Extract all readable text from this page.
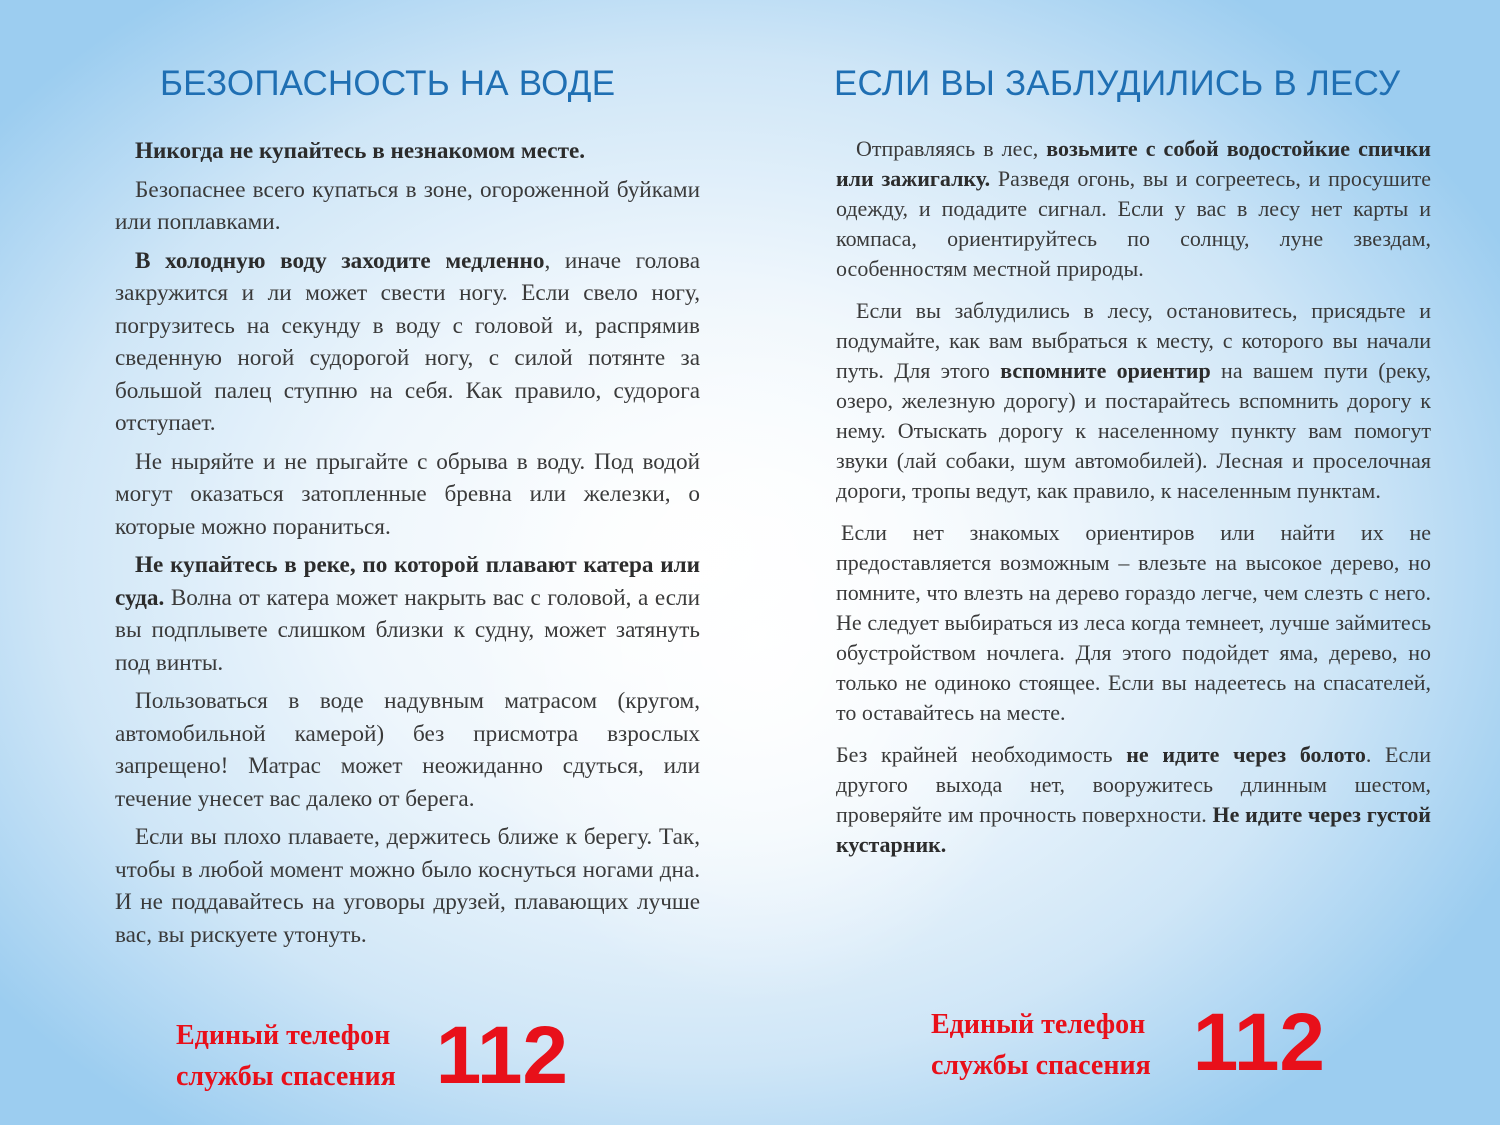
БЕЗОПАСНОСТЬ НА ВОДЕ

Никогда не купайтесь в незнакомом месте.

Безопаснее всего купаться в зоне, огороженной буйками или поплавками.

В холодную воду заходите медленно, иначе голова закружится и ли может свести ногу. Если свело ногу, погрузитесь на секунду в воду с головой и, распрямив сведенную ногой судорогой ногу, с силой потянте за большой палец ступню на себя. Как правило, судорога отступает.

Не ныряйте и не прыгайте с обрыва в воду. Под водой могут оказаться затопленные бревна или железки, о которые можно пораниться.

Не купайтесь в реке, по которой плавают катера или суда. Волна от катера может накрыть вас с головой, а если вы подплывете слишком близки к судну, может затянуть под винты.

Пользоваться в воде надувным матрасом (кругом, автомобильной камерой) без присмотра взрослых запрещено! Матрас может неожиданно сдуться, или течение унесет вас далеко от берега.

Если вы плохо плаваете, держитесь ближе к берегу. Так, чтобы в любой момент можно было коснуться ногами дна. И не поддавайтесь на уговоры друзей, плавающих лучше вас, вы рискуете утонуть.

Единый телефон
службы спасения 112
ЕСЛИ ВЫ ЗАБЛУДИЛИСЬ В ЛЕСУ

Отправляясь в лес, возьмите с собой водостойкие спички или зажигалку. Разведя огонь, вы и согреетесь, и просушите одежду, и подадите сигнал. Если у вас в лесу нет карты и компаса, ориентируйтесь по солнцу, луне звездам, особенностям местной природы.

Если вы заблудились в лесу, остановитесь, присядьте и подумайте, как вам выбраться к месту, с которого вы начали путь. Для этого вспомните ориентир на вашем пути (реку, озеро, железную дорогу) и постарайтесь вспомнить дорогу к нему. Отыскать дорогу к населенному пункту вам помогут звуки (лай собаки, шум автомобилей). Лесная и проселочная дороги, тропы ведут, как правило, к населенным пунктам.

Если нет знакомых ориентиров или найти их не предоставляется возможным – влезьте на высокое дерево, но помните, что влезть на дерево гораздо легче, чем слезть с него. Не следует выбираться из леса когда темнеет, лучше займитесь обустройством ночлега. Для этого подойдет яма, дерево, но только не одиноко стоящее. Если вы надеетесь на спасателей, то оставайтесь на месте.

Без крайней необходимость не идите через болото. Если другого выхода нет, вооружитесь длинным шестом, проверяйте им прочность поверхности. Не идите через густой кустарник.

Единый телефон
службы спасения 112
